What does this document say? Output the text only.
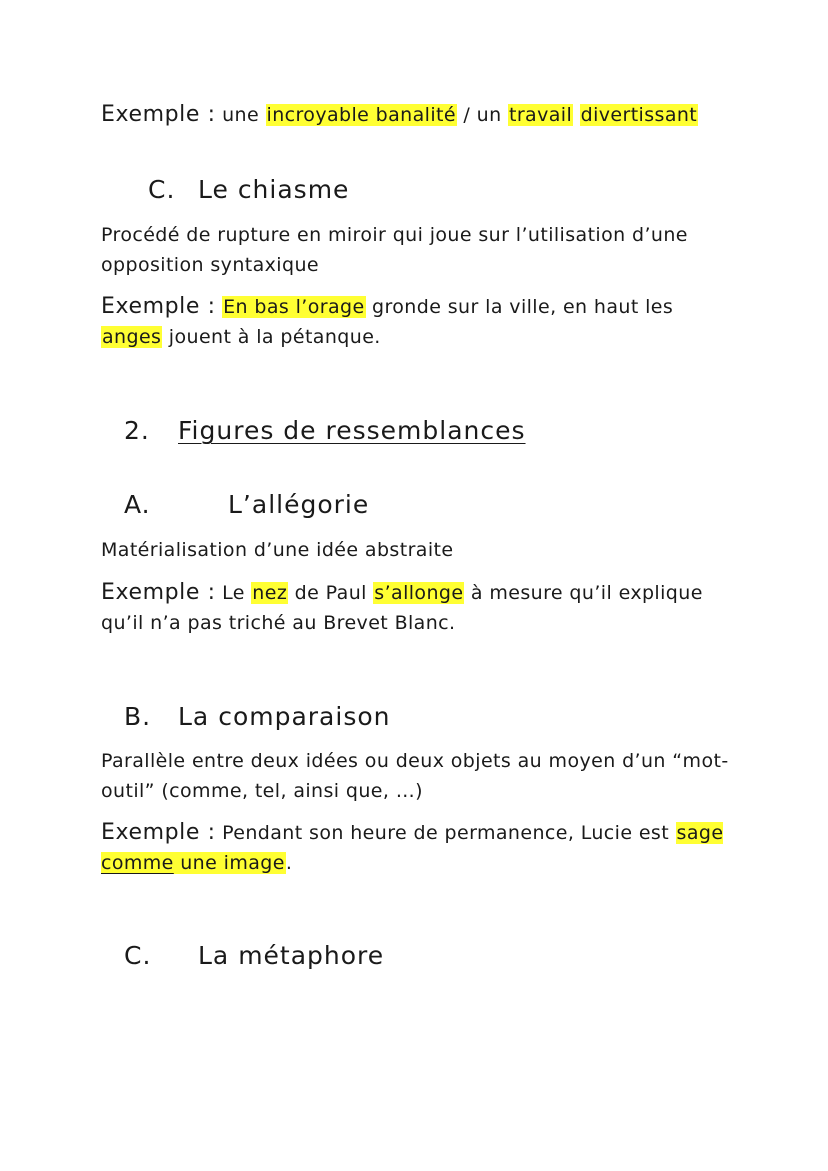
Exemple : une incroyable banalité / un travail divertissant
C. Le chiasme
Procédé de rupture en miroir qui joue sur l’utilisation d’une opposition syntaxique
Exemple : En bas l’orage gronde sur la ville, en haut les anges jouent à la pétanque.
2. Figures de ressemblances
A.	L’allégorie
Matérialisation d’une idée abstraite
Exemple : Le nez de Paul s’allonge à mesure qu’il explique qu’il n’a pas triché au Brevet Blanc.
B. La comparaison
Parallèle entre deux idées ou deux objets au moyen d’un “mot-outil” (comme, tel, ainsi que, …)
Exemple : Pendant son heure de permanence, Lucie est sage comme une image.
C. La métaphore
